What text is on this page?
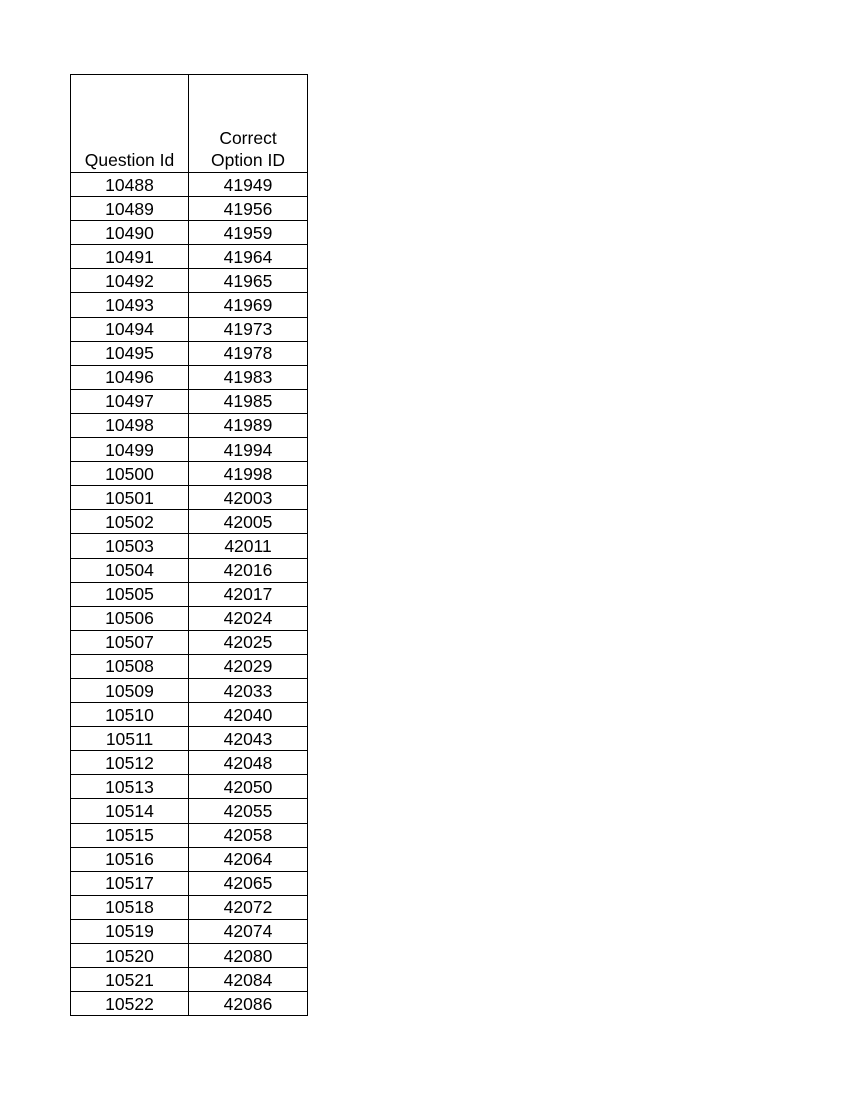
Question Id	Correct
Option ID

10488	41949
10489	41956
10490	41959
10491	41964
10492	41965
10493	41969
10494	41973
10495	41978
10496	41983
10497	41985
10498	41989
10499	41994
10500	41998
10501	42003
10502	42005
10503	42011
10504	42016
10505	42017
10506	42024
10507	42025
10508	42029
10509	42033
10510	42040
10511	42043
10512	42048
10513	42050
10514	42055
10515	42058
10516	42064
10517	42065
10518	42072
10519	42074
10520	42080
10521	42084
10522	42086
